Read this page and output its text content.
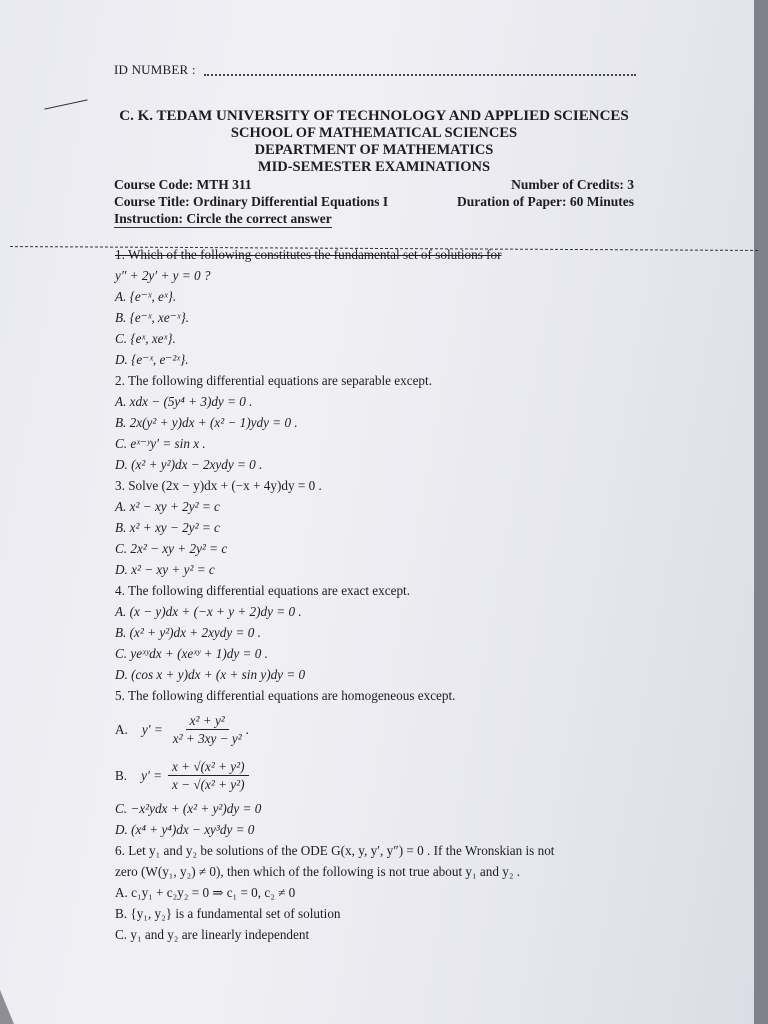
ID NUMBER :
C. K. TEDAM UNIVERSITY OF TECHNOLOGY AND APPLIED SCIENCES
SCHOOL OF MATHEMATICAL SCIENCES
DEPARTMENT OF MATHEMATICS
MID-SEMESTER EXAMINATIONS
Course Code: MTH 311	Number of Credits: 3
Course Title: Ordinary Differential Equations I	Duration of Paper: 60 Minutes
Instruction: Circle the correct answer

1. Which of the following constitutes the fundamental set of solutions for

y″ + 2y′ + y = 0 ?

A. {e⁻ˣ, eˣ}.

B. {e⁻ˣ, xe⁻ˣ}.

C. {eˣ, xeˣ}.

D. {e⁻ˣ, e⁻²ˣ}.

2. The following differential equations are separable except.

A. xdx − (5y⁴ + 3)dy = 0 .

B. 2x(y² + y)dx + (x² − 1)ydy = 0 .

C. eˣ⁻ʸy′ = sin x .

D. (x² + y²)dx − 2xydy = 0 .

3. Solve (2x − y)dx + (−x + 4y)dy = 0 .

A. x² − xy + 2y² = c

B. x² + xy − 2y² = c

C. 2x² − xy + 2y² = c

D. x² − xy + y² = c

4. The following differential equations are exact except.

A. (x − y)dx + (−x + y + 2)dy = 0 .

B. (x² + y²)dx + 2xydy = 0 .

C. yeˣʸdx + (xeˣʸ + 1)dy = 0 .

D. (cos x + y)dx + (x + sin y)dy = 0

5. The following differential equations are homogeneous except.

A. $y' = \frac{\text{x² + y²}}{\text{x² + 3xy − y²}}$ .
B. $y' = \frac{\text{x + √(x² + y²)}}{\text{x − √(x² + y²)}}$

C. −x²ydx + (x² + y²)dy = 0

D. (x⁴ + y⁴)dx − xy³dy = 0

6. Let y₁ and y₂ be solutions of the ODE G(x, y, y′, y″) = 0 . If the Wronskian is not

zero (W(y₁, y₂) ≠ 0), then which of the following is not true about y₁ and y₂ .

A. c₁y₁ + c₂y₂ = 0 ⇒ c₁ = 0, c₂ ≠ 0

B. {y₁, y₂} is a fundamental set of solution

C. y₁ and y₂ are linearly independent
